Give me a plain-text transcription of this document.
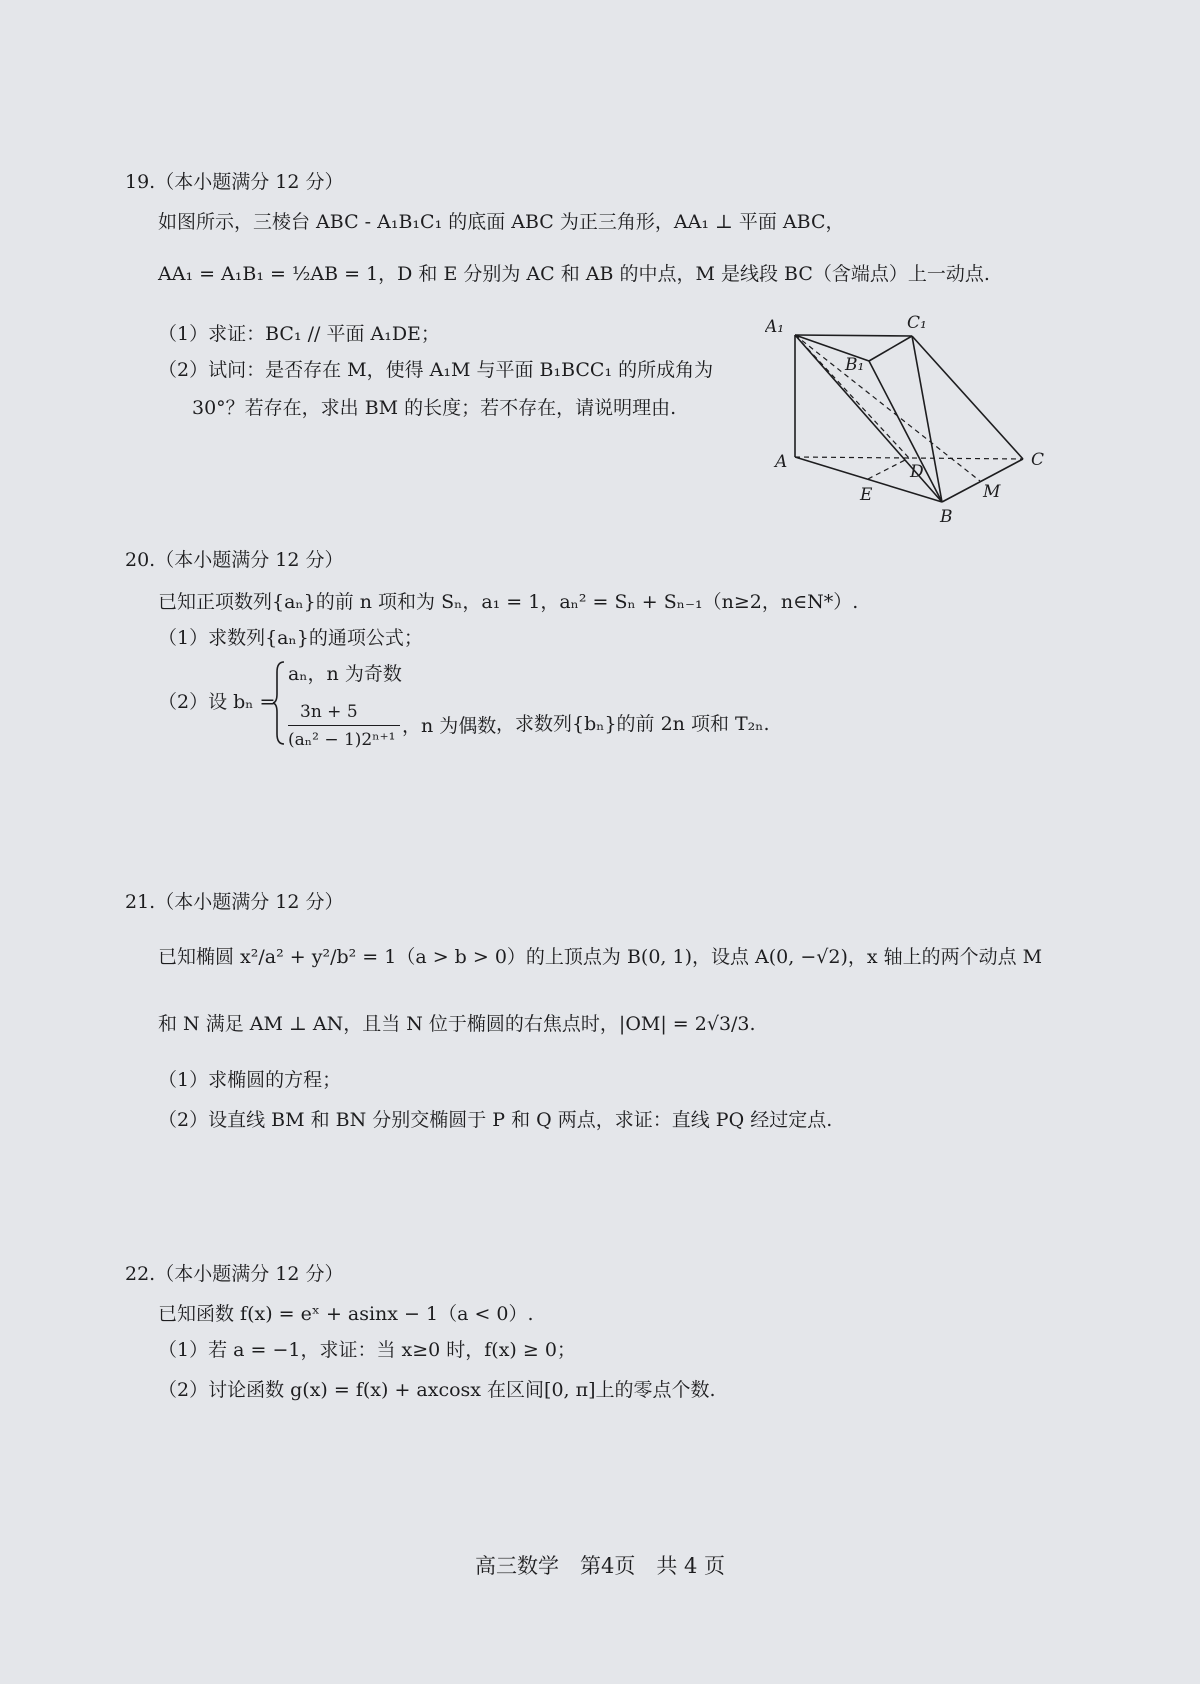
19.（本小题满分 12 分）
如图所示，三棱台 ABC - A₁B₁C₁ 的底面 ABC 为正三角形，AA₁ ⊥ 平面 ABC，
AA₁ = A₁B₁ = ½AB = 1，D 和 E 分别为 AC 和 AB 的中点，M 是线段 BC（含端点）上一动点.
（1）求证：BC₁ // 平面 A₁DE；
（2）试问：是否存在 M，使得 A₁M 与平面 B₁BCC₁ 的所成角为
30°？若存在，求出 BM 的长度；若不存在，请说明理由.
A₁	C₁
B₁
A	C
D
E	M
B
20.（本小题满分 12 分）
已知正项数列{aₙ}的前 n 项和为 Sₙ，a₁ = 1，aₙ² = Sₙ + Sₙ₋₁（n≥2，n∈N*）.
（1）求数列{aₙ}的通项公式；
（2）设 bₙ =
aₙ，n 为奇数
3n + 5
(aₙ² − 1)2ⁿ⁺¹
，n 为偶数 ，求数列{bₙ}的前 2n 项和 T₂ₙ.
21.（本小题满分 12 分）
已知椭圆 x²/a² + y²/b² = 1（a > b > 0）的上顶点为 B(0, 1)，设点 A(0, −√2)，x 轴上的两个动点 M
和 N 满足 AM ⊥ AN，且当 N 位于椭圆的右焦点时，|OM| = 2√3/3.
（1）求椭圆的方程；
（2）设直线 BM 和 BN 分别交椭圆于 P 和 Q 两点，求证：直线 PQ 经过定点.
22.（本小题满分 12 分）
已知函数 f(x) = eˣ + asinx − 1（a < 0）.
（1）若 a = −1，求证：当 x≥0 时，f(x) ≥ 0；
（2）讨论函数 g(x) = f(x) + axcosx 在区间[0, π]上的零点个数.
高三数学　第4页　共 4 页
